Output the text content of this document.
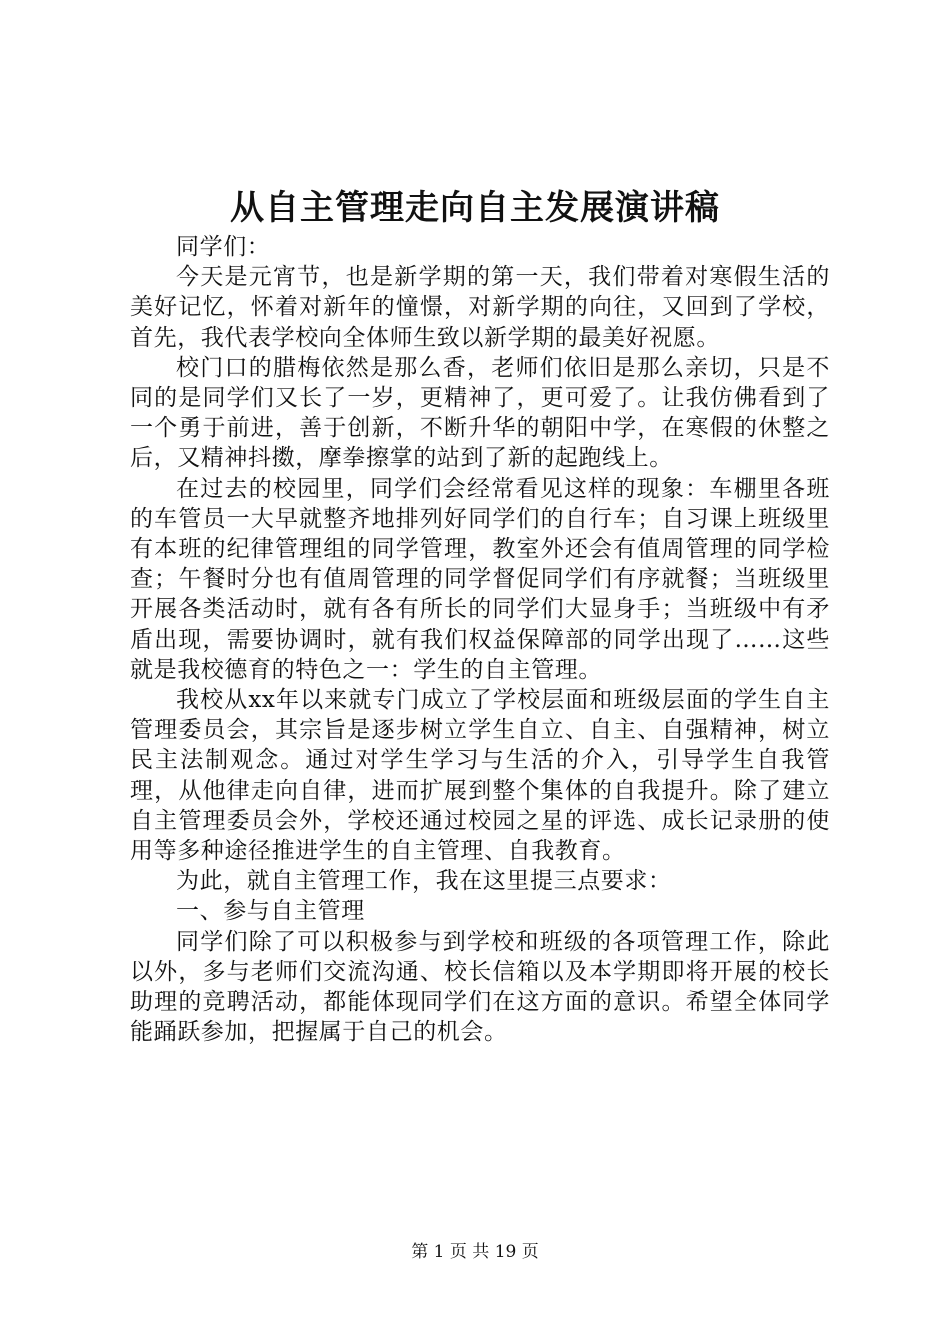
从自主管理走向自主发展演讲稿

同学们：

今天是元宵节，也是新学期的第一天，我们带着对寒假生活的美好记忆，怀着对新年的憧憬，对新学期的向往，又回到了学校，首先，我代表学校向全体师生致以新学期的最美好祝愿。

校门口的腊梅依然是那么香，老师们依旧是那么亲切，只是不同的是同学们又长了一岁，更精神了，更可爱了。让我仿佛看到了一个勇于前进，善于创新，不断升华的朝阳中学，在寒假的休整之后，又精神抖擞，摩拳擦掌的站到了新的起跑线上。

在过去的校园里，同学们会经常看见这样的现象：车棚里各班的车管员一大早就整齐地排列好同学们的自行车；自习课上班级里有本班的纪律管理组的同学管理，教室外还会有值周管理的同学检查；午餐时分也有值周管理的同学督促同学们有序就餐；当班级里开展各类活动时，就有各有所长的同学们大显身手；当班级中有矛盾出现，需要协调时，就有我们权益保障部的同学出现了……这些就是我校德育的特色之一：学生的自主管理。

我校从xx年以来就专门成立了学校层面和班级层面的学生自主管理委员会，其宗旨是逐步树立学生自立、自主、自强精神，树立民主法制观念。通过对学生学习与生活的介入，引导学生自我管理，从他律走向自律，进而扩展到整个集体的自我提升。除了建立自主管理委员会外，学校还通过校园之星的评选、成长记录册的使用等多种途径推进学生的自主管理、自我教育。

为此，就自主管理工作，我在这里提三点要求：

一、参与自主管理

同学们除了可以积极参与到学校和班级的各项管理工作，除此以外，多与老师们交流沟通、校长信箱以及本学期即将开展的校长助理的竞聘活动，都能体现同学们在这方面的意识。希望全体同学能踊跃参加，把握属于自己的机会。

第 1 页 共 19 页
